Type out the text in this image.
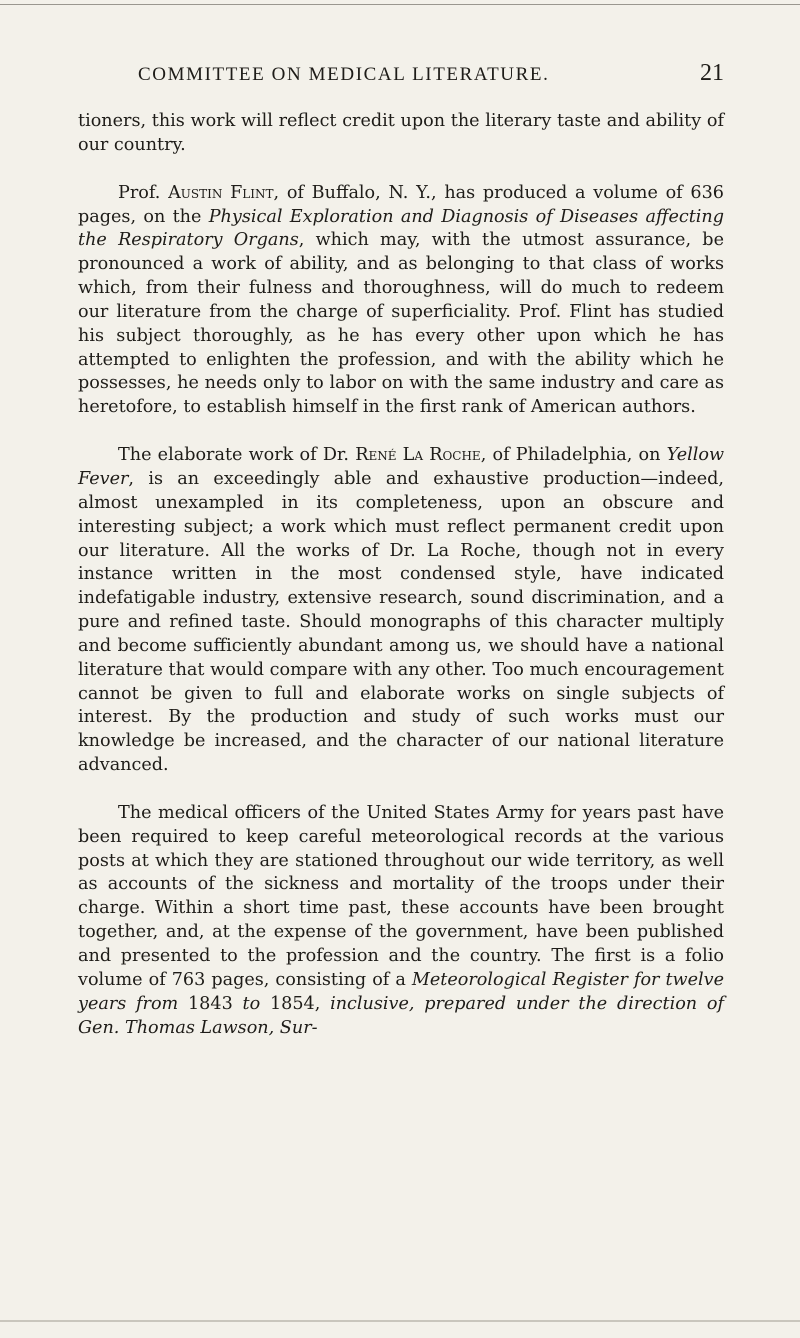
COMMITTEE ON MEDICAL LITERATURE.	21

tioners, this work will reflect credit upon the literary taste and ability of our country.

Prof. Austin Flint, of Buffalo, N. Y., has produced a volume of 636 pages, on the Physical Exploration and Diagnosis of Diseases affecting the Respiratory Organs, which may, with the utmost assurance, be pronounced a work of ability, and as belonging to that class of works which, from their fulness and thoroughness, will do much to redeem our literature from the charge of superficiality. Prof. Flint has studied his subject thoroughly, as he has every other upon which he has attempted to enlighten the profession, and with the ability which he possesses, he needs only to labor on with the same industry and care as heretofore, to establish himself in the first rank of American authors.

The elaborate work of Dr. René La Roche, of Philadelphia, on Yellow Fever, is an exceedingly able and exhaustive production—indeed, almost unexampled in its completeness, upon an obscure and interesting subject; a work which must reflect permanent credit upon our literature. All the works of Dr. La Roche, though not in every instance written in the most condensed style, have indicated indefatigable industry, extensive research, sound discrimination, and a pure and refined taste. Should monographs of this character multiply and become sufficiently abundant among us, we should have a national literature that would compare with any other. Too much encouragement cannot be given to full and elaborate works on single subjects of interest. By the production and study of such works must our knowledge be increased, and the character of our national literature advanced.

The medical officers of the United States Army for years past have been required to keep careful meteorological records at the various posts at which they are stationed throughout our wide territory, as well as accounts of the sickness and mortality of the troops under their charge. Within a short time past, these accounts have been brought together, and, at the expense of the government, have been published and presented to the profession and the country. The first is a folio volume of 763 pages, consisting of a Meteorological Register for twelve years from 1843 to 1854, inclusive, prepared under the direction of Gen. Thomas Lawson, Sur-
